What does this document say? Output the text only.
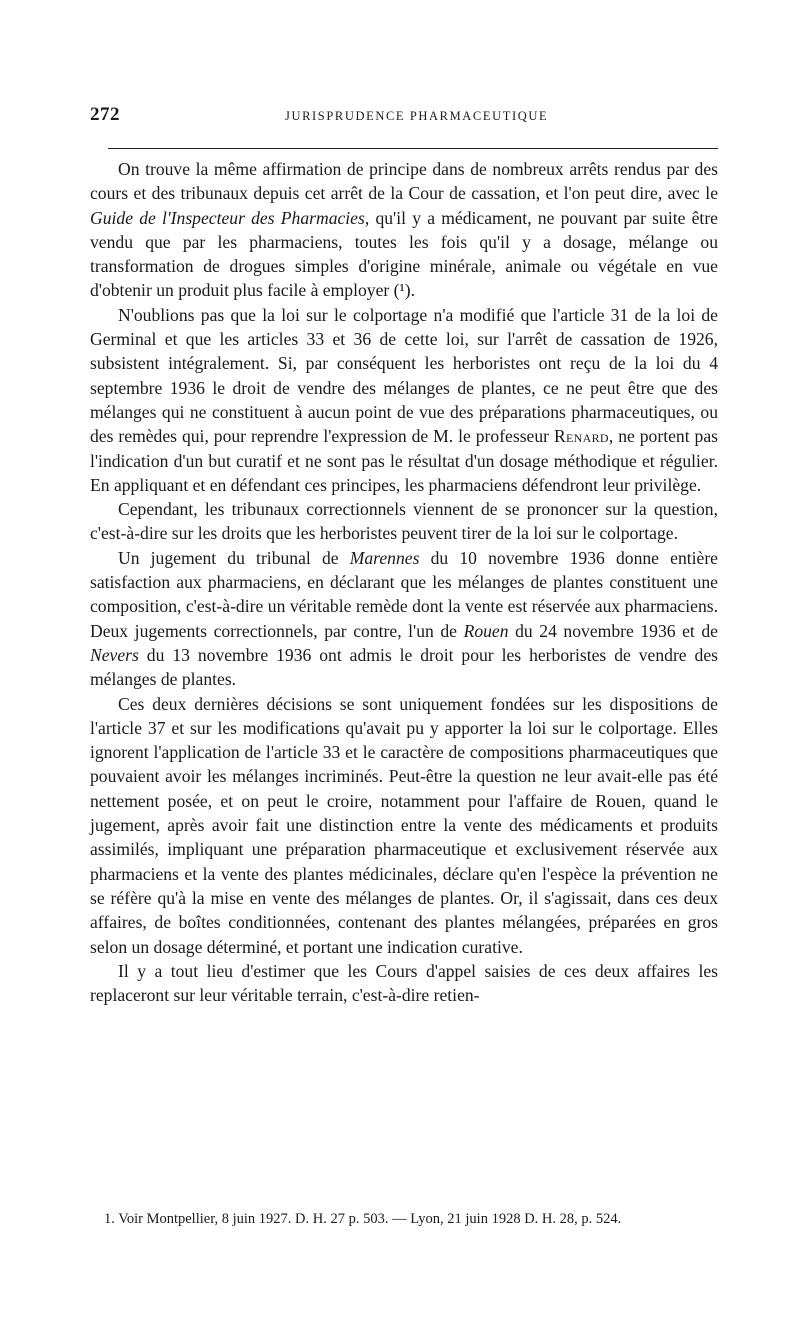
272	JURISPRUDENCE PHARMACEUTIQUE

On trouve la même affirmation de principe dans de nombreux arrêts rendus par des cours et des tribunaux depuis cet arrêt de la Cour de cassation, et l'on peut dire, avec le Guide de l'Inspecteur des Pharmacies, qu'il y a médicament, ne pouvant par suite être vendu que par les pharmaciens, toutes les fois qu'il y a dosage, mélange ou transformation de drogues simples d'origine minérale, animale ou végétale en vue d'obtenir un produit plus facile à employer (¹).

N'oublions pas que la loi sur le colportage n'a modifié que l'article 31 de la loi de Germinal et que les articles 33 et 36 de cette loi, sur l'arrêt de cassation de 1926, subsistent intégralement. Si, par conséquent les herboristes ont reçu de la loi du 4 septembre 1936 le droit de vendre des mélanges de plantes, ce ne peut être que des mélanges qui ne constituent à aucun point de vue des préparations pharmaceutiques, ou des remèdes qui, pour reprendre l'expression de M. le professeur Renard, ne portent pas l'indication d'un but curatif et ne sont pas le résultat d'un dosage méthodique et régulier. En appliquant et en défendant ces principes, les pharmaciens défendront leur privilège.

Cependant, les tribunaux correctionnels viennent de se prononcer sur la question, c'est-à-dire sur les droits que les herboristes peuvent tirer de la loi sur le colportage.

Un jugement du tribunal de Marennes du 10 novembre 1936 donne entière satisfaction aux pharmaciens, en déclarant que les mélanges de plantes constituent une composition, c'est-à-dire un véritable remède dont la vente est réservée aux pharmaciens. Deux jugements correctionnels, par contre, l'un de Rouen du 24 novembre 1936 et de Nevers du 13 novembre 1936 ont admis le droit pour les herboristes de vendre des mélanges de plantes.

Ces deux dernières décisions se sont uniquement fondées sur les dispositions de l'article 37 et sur les modifications qu'avait pu y apporter la loi sur le colportage. Elles ignorent l'application de l'article 33 et le caractère de compositions pharmaceutiques que pouvaient avoir les mélanges incriminés. Peut-être la question ne leur avait-elle pas été nettement posée, et on peut le croire, notamment pour l'affaire de Rouen, quand le jugement, après avoir fait une distinction entre la vente des médicaments et produits assimilés, impliquant une préparation pharmaceutique et exclusivement réservée aux pharmaciens et la vente des plantes médicinales, déclare qu'en l'espèce la prévention ne se réfère qu'à la mise en vente des mélanges de plantes. Or, il s'agissait, dans ces deux affaires, de boîtes conditionnées, contenant des plantes mélangées, préparées en gros selon un dosage déterminé, et portant une indication curative.

Il y a tout lieu d'estimer que les Cours d'appel saisies de ces deux affaires les replaceront sur leur véritable terrain, c'est-à-dire retien-

1. Voir Montpellier, 8 juin 1927. D. H. 27 p. 503. — Lyon, 21 juin 1928 D. H. 28, p. 524.
